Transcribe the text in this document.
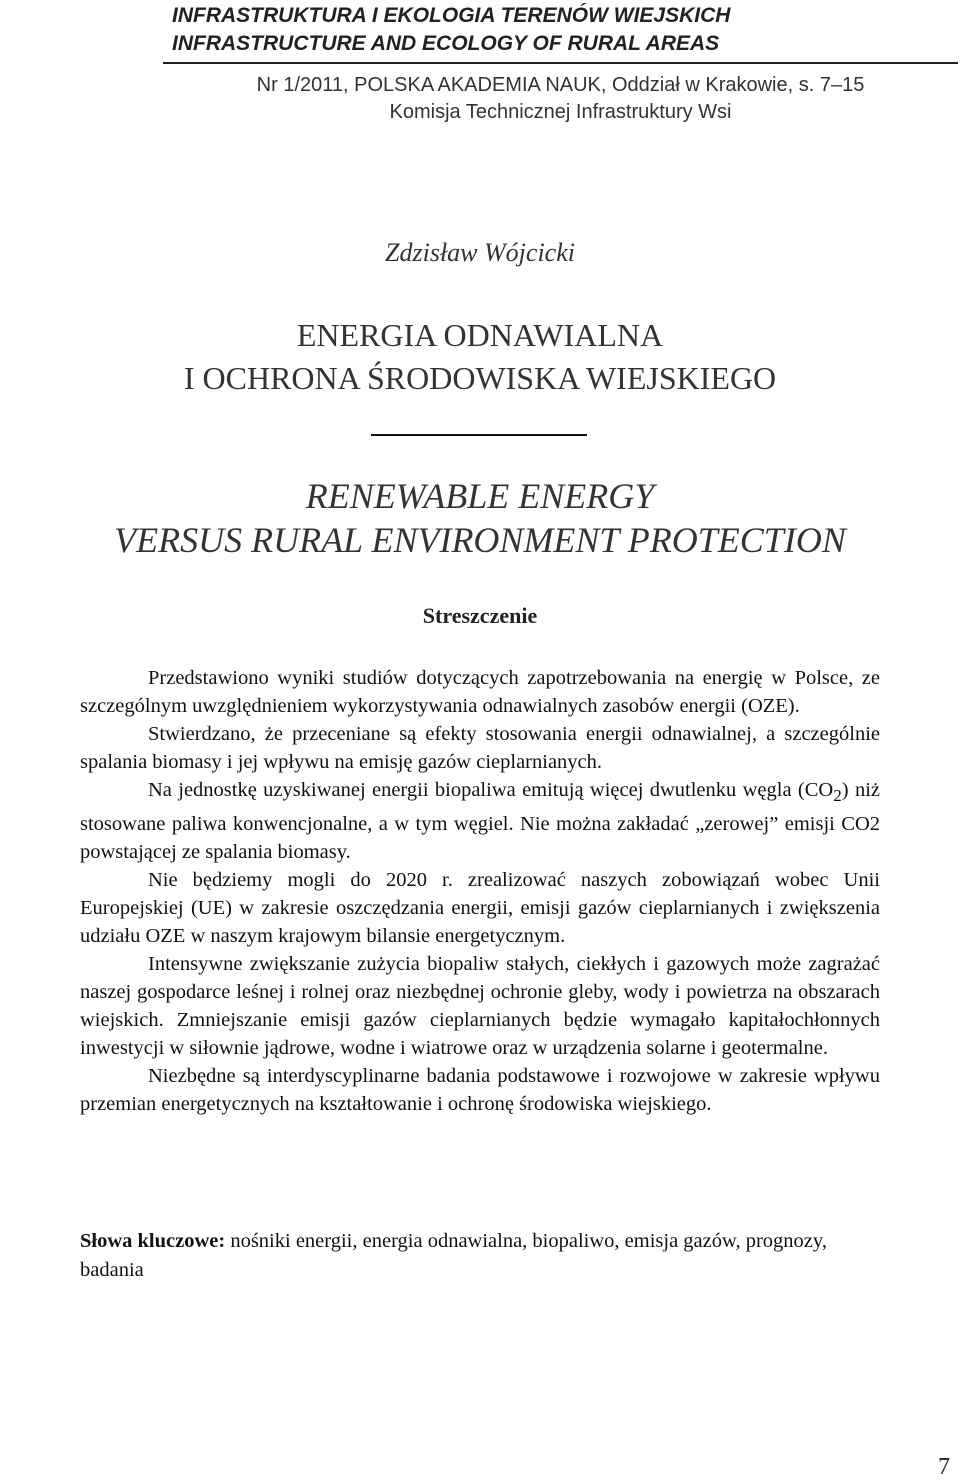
INFRASTRUKTURA I EKOLOGIA TERENÓW WIEJSKICH
INFRASTRUCTURE AND ECOLOGY OF RURAL AREAS
Nr 1/2011, POLSKA AKADEMIA NAUK, Oddział w Krakowie, s. 7–15
Komisja Technicznej Infrastruktury Wsi
Zdzisław Wójcicki
ENERGIA ODNAWIALNA
I OCHRONA ŚRODOWISKA WIEJSKIEGO
RENEWABLE ENERGY
VERSUS RURAL ENVIRONMENT PROTECTION
Streszczenie

Przedstawiono wyniki studiów dotyczących zapotrzebowania na energię w Polsce, ze szczególnym uwzględnieniem wykorzystywania odnawialnych zasobów energii (OZE).

Stwierdzano, że przeceniane są efekty stosowania energii odnawialnej, a szczególnie spalania biomasy i jej wpływu na emisję gazów cieplarnianych.

Na jednostkę uzyskiwanej energii biopaliwa emitują więcej dwutlenku węgla $(CO_2)$ niż stosowane paliwa konwencjonalne, a w tym węgiel. Nie można zakładać „zerowej” emisji CO2 powstającej ze spalania biomasy.

Nie będziemy mogli do 2020 r. zrealizować naszych zobowiązań wobec Unii Europejskiej (UE) w zakresie oszczędzania energii, emisji gazów cieplarnianych i zwiększenia udziału OZE w naszym krajowym bilansie energetycznym.

Intensywne zwiększanie zużycia biopaliw stałych, ciekłych i gazowych może zagrażać naszej gospodarce leśnej i rolnej oraz niezbędnej ochronie gleby, wody i powietrza na obszarach wiejskich. Zmniejszanie emisji gazów cieplarnianych będzie wymagało kapitałochłonnych inwestycji w siłownie jądrowe, wodne i wiatrowe oraz w urządzenia solarne i geotermalne.

Niezbędne są interdyscyplinarne badania podstawowe i rozwojowe w zakresie wpływu przemian energetycznych na kształtowanie i ochronę środowiska wiejskiego.

Słowa kluczowe: nośniki energii, energia odnawialna, biopaliwo, emisja gazów, prognozy, badania

7
